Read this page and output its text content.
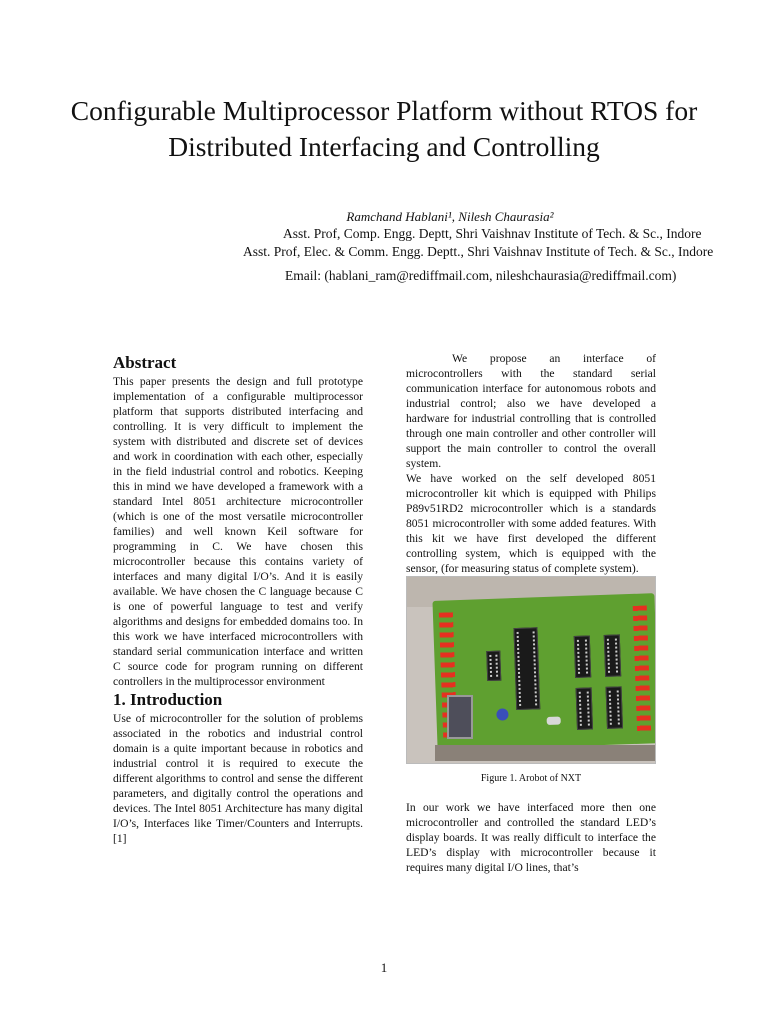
Configurable Multiprocessor Platform without RTOS for Distributed Interfacing and Controlling
Ramchand Hablani¹, Nilesh Chaurasia²
Asst. Prof, Comp. Engg. Deptt, Shri Vaishnav Institute of Tech. & Sc., Indore
Asst. Prof, Elec. & Comm. Engg. Deptt., Shri Vaishnav Institute of Tech. & Sc., Indore
Email: (hablani_ram@rediffmail.com, nileshchaurasia@rediffmail.com)
Abstract

This paper presents the design and full prototype implementation of a configurable multiprocessor platform that supports distributed interfacing and controlling. It is very difficult to implement the system with distributed and discrete set of devices and work in coordination with each other, especially in the field industrial control and robotics. Keeping this in mind we have developed a framework with a standard Intel 8051 architecture microcontroller (which is one of the most versatile microcontroller families) and well known Keil software for programming in C. We have chosen this microcontroller because this contains variety of interfaces and many digital I/O’s. And it is easily available. We have chosen the C language because C is one of powerful language to test and verify algorithms and designs for embedded domains too. In this work we have interfaced microcontrollers with standard serial communication interface and written C source code for program running on different controllers in the multiprocessor environment

1. Introduction

Use of microcontroller for the solution of problems associated in the robotics and industrial control domain is a quite important because in robotics and industrial control it is required to execute the different algorithms to control and sense the different parameters, and digitally control the operations and devices. The Intel 8051 Architecture has many digital I/O’s, Interfaces like Timer/Counters and Interrupts. [1]

We propose an interface of microcontrollers with the standard serial communication interface for autonomous robots and industrial control; also we have developed a hardware for industrial controlling that is controlled through one main controller and other controller will support the main controller to control the overall system.

We have worked on the self developed 8051 microcontroller kit which is equipped with Philips P89v51RD2 microcontroller which is a standards 8051 microcontroller with some added features. With this kit we have first developed the different controlling system, which is equipped with the sensor, (for measuring status of complete system).

Figure 1. Arobot of NXT

In our work we have interfaced more then one microcontroller and controlled the standard LED’s display boards. It was really difficult to interface the LED’s display with microcontroller because it requires many digital I/O lines, that’s

1
